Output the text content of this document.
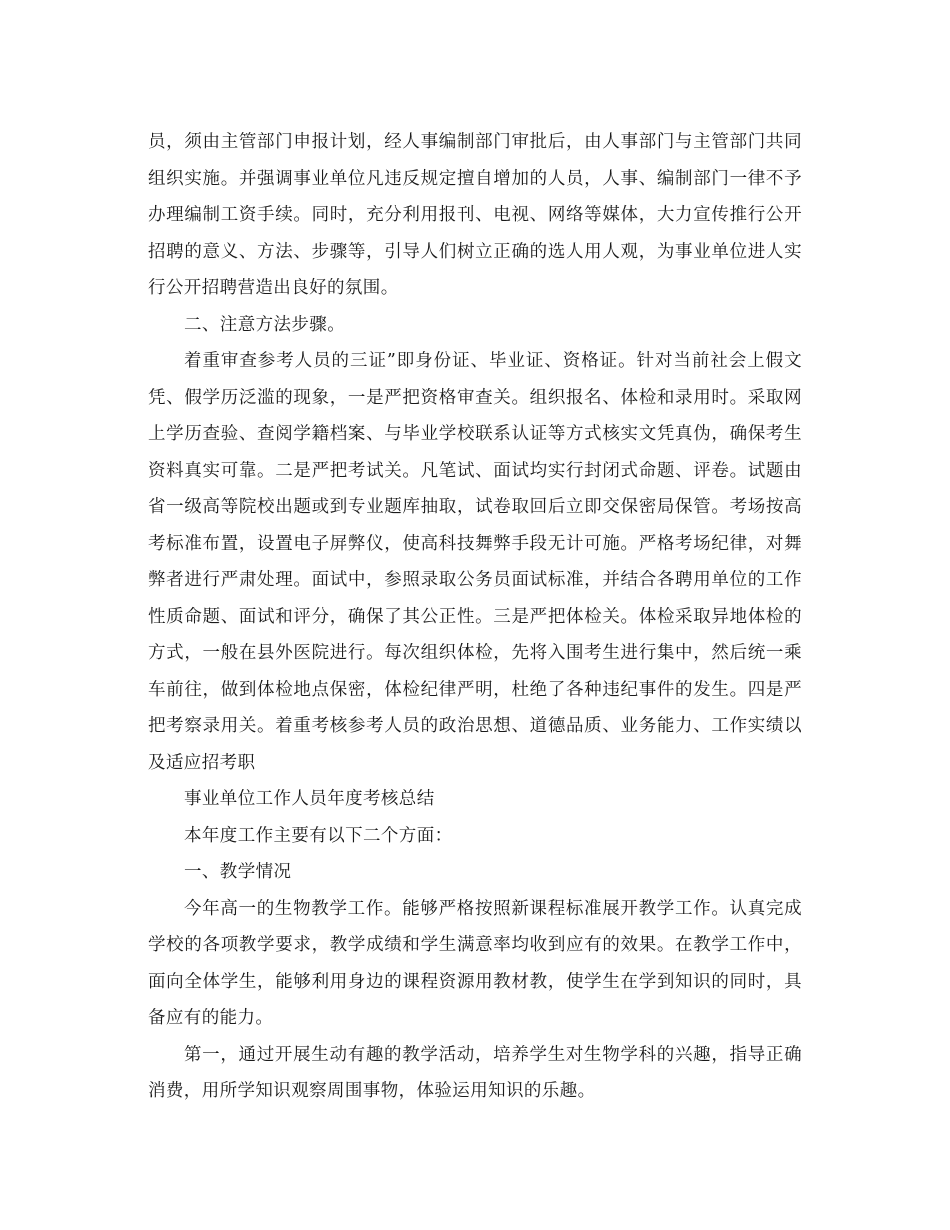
员，须由主管部门申报计划，经人事编制部门审批后，由人事部门与主管部门共同组织实施。并强调事业单位凡违反规定擅自增加的人员，人事、编制部门一律不予办理编制工资手续。同时，充分利用报刊、电视、网络等媒体，大力宣传推行公开招聘的意义、方法、步骤等，引导人们树立正确的选人用人观，为事业单位进人实行公开招聘营造出良好的氛围。

二、注意方法步骤。

着重审查参考人员的三证”即身份证、毕业证、资格证。针对当前社会上假文凭、假学历泛滥的现象，一是严把资格审查关。组织报名、体检和录用时。采取网上学历查验、查阅学籍档案、与毕业学校联系认证等方式核实文凭真伪，确保考生资料真实可靠。二是严把考试关。凡笔试、面试均实行封闭式命题、评卷。试题由省一级高等院校出题或到专业题库抽取，试卷取回后立即交保密局保管。考场按高考标准布置，设置电子屏弊仪，使高科技舞弊手段无计可施。严格考场纪律，对舞弊者进行严肃处理。面试中，参照录取公务员面试标准，并结合各聘用单位的工作性质命题、面试和评分，确保了其公正性。三是严把体检关。体检采取异地体检的方式，一般在县外医院进行。每次组织体检，先将入围考生进行集中，然后统一乘车前往，做到体检地点保密，体检纪律严明，杜绝了各种违纪事件的发生。四是严把考察录用关。着重考核参考人员的政治思想、道德品质、业务能力、工作实绩以及适应招考职

事业单位工作人员年度考核总结

本年度工作主要有以下二个方面：

一、教学情况

今年高一的生物教学工作。能够严格按照新课程标准展开教学工作。认真完成学校的各项教学要求，教学成绩和学生满意率均收到应有的效果。在教学工作中，面向全体学生，能够利用身边的课程资源用教材教，使学生在学到知识的同时，具备应有的能力。

第一，通过开展生动有趣的教学活动，培养学生对生物学科的兴趣，指导正确消费，用所学知识观察周围事物，体验运用知识的乐趣。
